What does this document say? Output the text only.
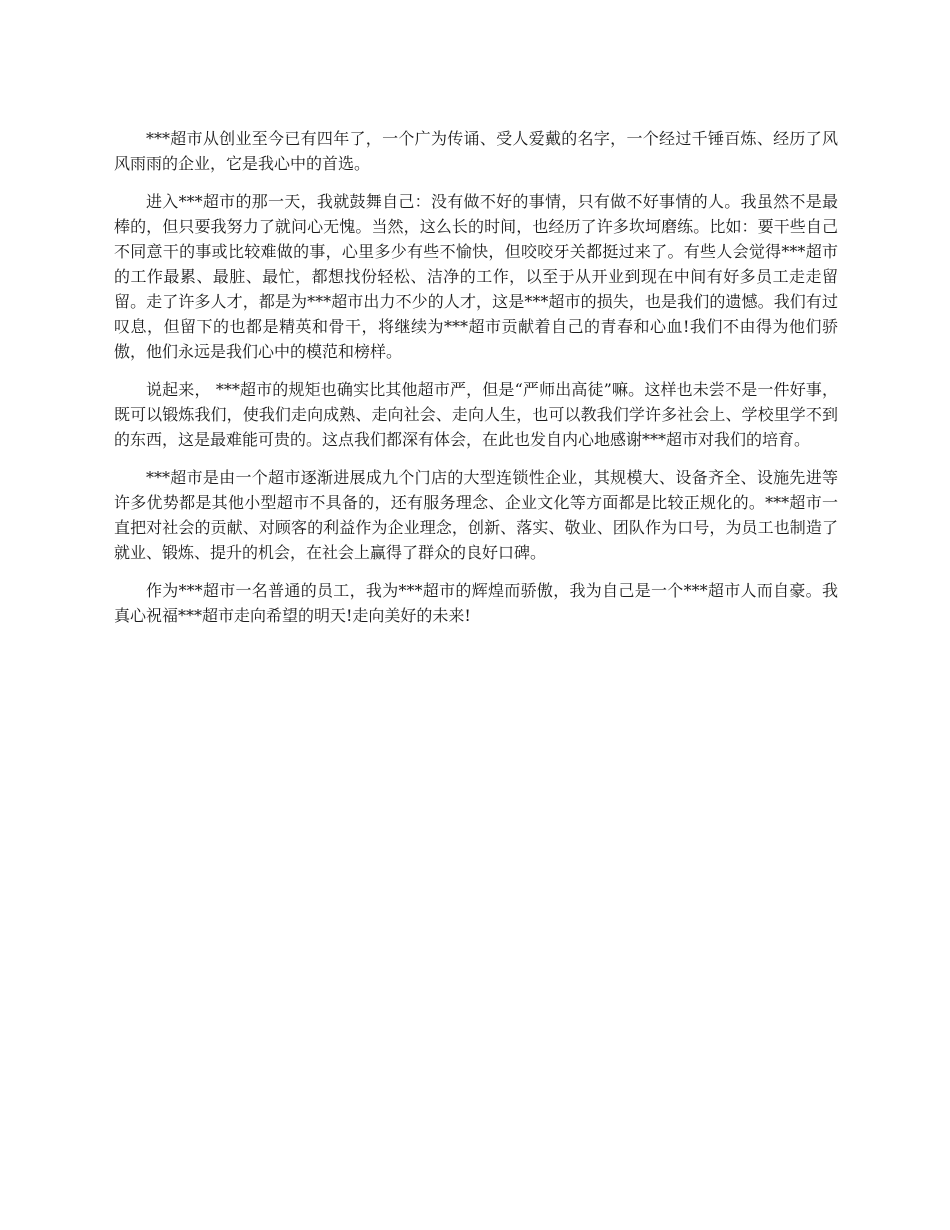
***超市从创业至今已有四年了，一个广为传诵、受人爱戴的名字，一个经过千锤百炼、经历了风风雨雨的企业，它是我心中的首选。

进入***超市的那一天，我就鼓舞自己：没有做不好的事情，只有做不好事情的人。我虽然不是最棒的，但只要我努力了就问心无愧。当然，这么长的时间，也经历了许多坎坷磨练。比如：要干些自己不同意干的事或比较难做的事，心里多少有些不愉快，但咬咬牙关都挺过来了。有些人会觉得***超市的工作最累、最脏、最忙，都想找份轻松、洁净的工作，以至于从开业到现在中间有好多员工走走留留。走了许多人才，都是为***超市出力不少的人才，这是***超市的损失，也是我们的遗憾。我们有过叹息，但留下的也都是精英和骨干，将继续为***超市贡献着自己的青春和心血!我们不由得为他们骄傲，他们永远是我们心中的模范和榜样。

说起来， ***超市的规矩也确实比其他超市严，但是“严师出高徒”嘛。这样也未尝不是一件好事，既可以锻炼我们，使我们走向成熟、走向社会、走向人生，也可以教我们学许多社会上、学校里学不到的东西，这是最难能可贵的。这点我们都深有体会，在此也发自内心地感谢***超市对我们的培育。

***超市是由一个超市逐渐进展成九个门店的大型连锁性企业，其规模大、设备齐全、设施先进等许多优势都是其他小型超市不具备的，还有服务理念、企业文化等方面都是比较正规化的。***超市一直把对社会的贡献、对顾客的利益作为企业理念，创新、落实、敬业、团队作为口号，为员工也制造了就业、锻炼、提升的机会，在社会上赢得了群众的良好口碑。

作为***超市一名普通的员工，我为***超市的辉煌而骄傲，我为自己是一个***超市人而自豪。我真心祝福***超市走向希望的明天!走向美好的未来!
